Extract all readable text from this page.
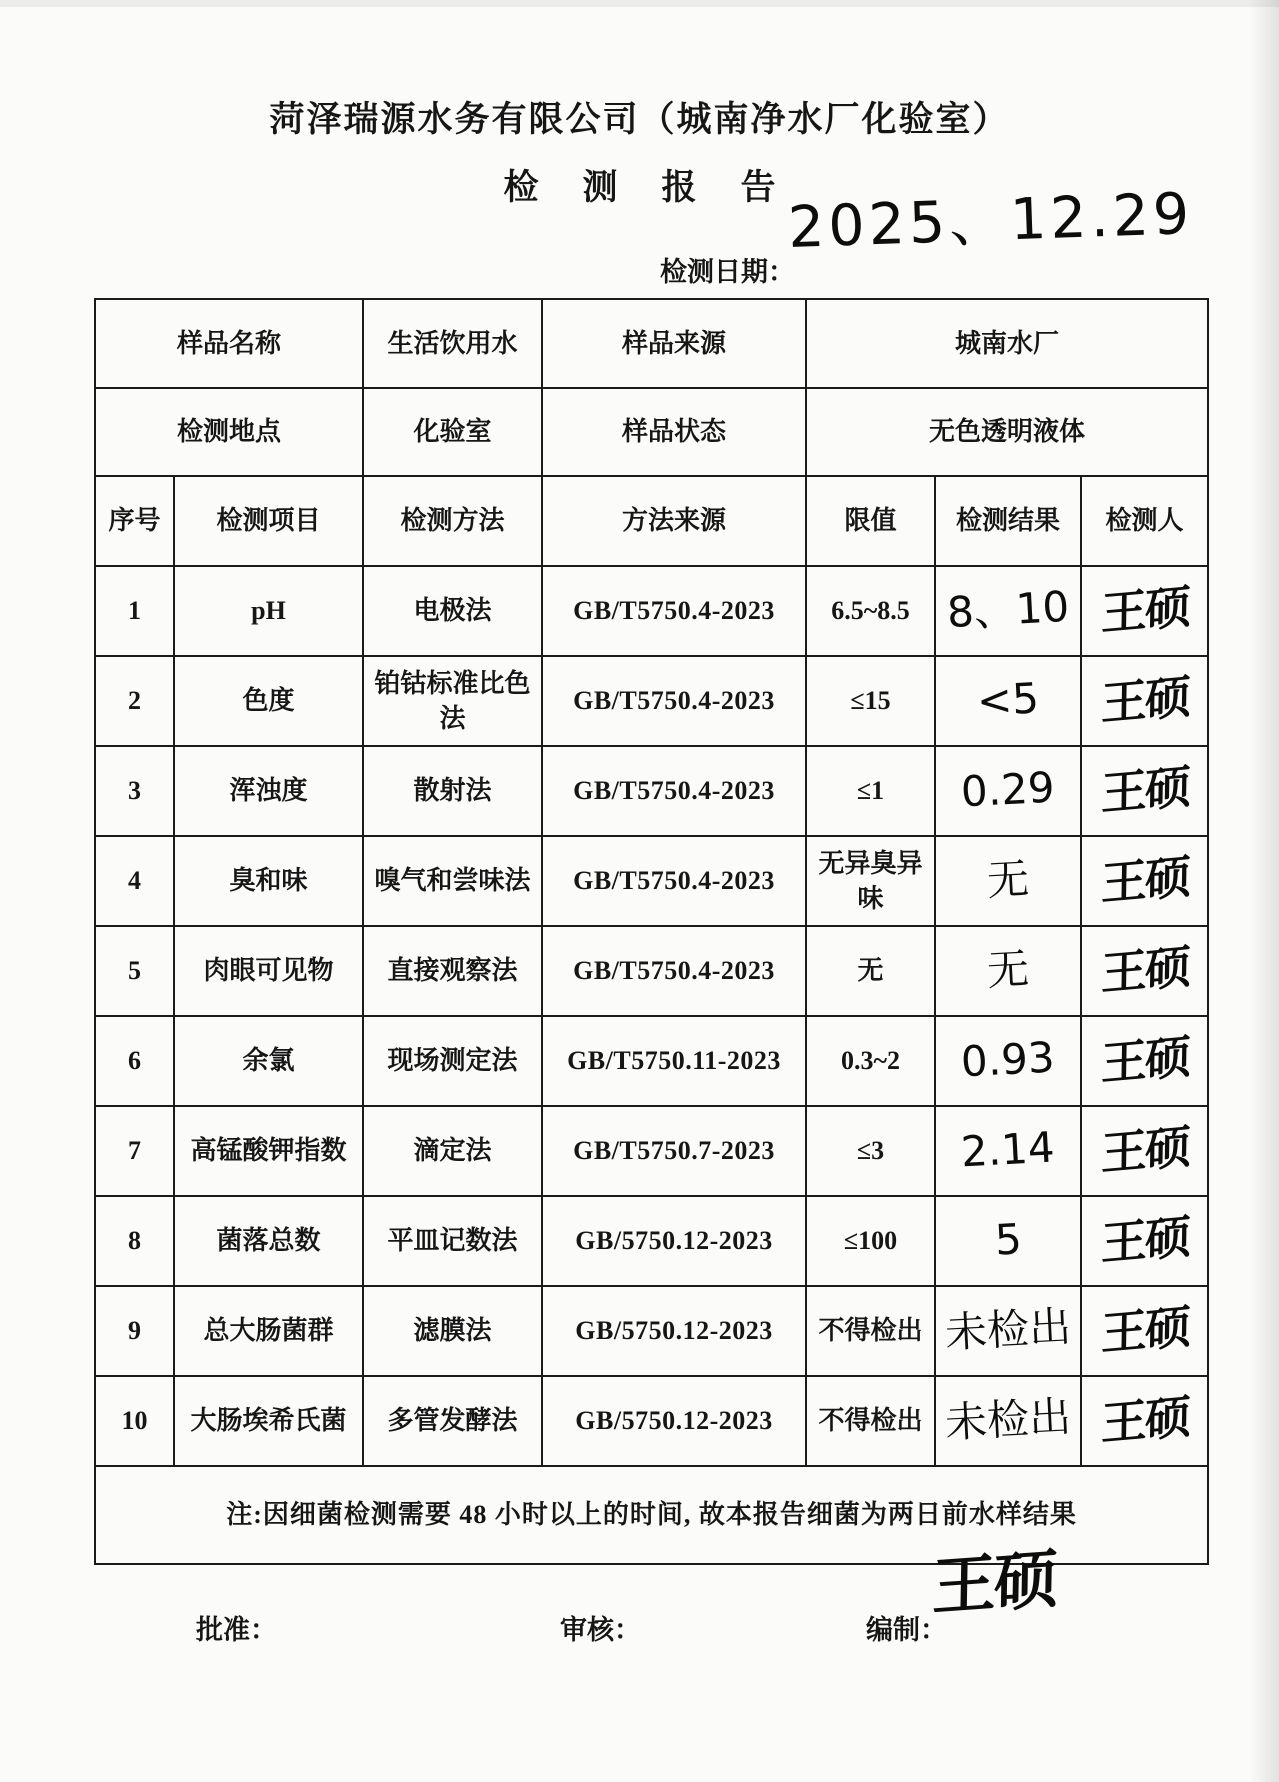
菏泽瑞源水务有限公司（城南净水厂化验室）
检测报告
检测日期：
2025、12.29
样品名称		生活饮用水	样品来源	城南水厂		
检测地点		化验室	样品状态	无色透明液体		
序号	检测项目	检测方法	方法来源	限值	检测结果	检测人
1	pH	电极法	GB/T5750.4-2023	6.5~8.5	8、10	王硕
2	色度	铂钴标准比色法	GB/T5750.4-2023	≤15	<5	王硕
3	浑浊度	散射法	GB/T5750.4-2023	≤1	0.29	王硕
4	臭和味	嗅气和尝味法	GB/T5750.4-2023	无异臭异味	无	王硕
5	肉眼可见物	直接观察法	GB/T5750.4-2023	无	无	王硕
6	余氯	现场测定法	GB/T5750.11-2023	0.3~2	0.93	王硕
7	高锰酸钾指数	滴定法	GB/T5750.7-2023	≤3	2.14	王硕
8	菌落总数	平皿记数法	GB/5750.12-2023	≤100	5	王硕
9	总大肠菌群	滤膜法	GB/5750.12-2023	不得检出	未检出	王硕
10	大肠埃希氏菌	多管发酵法	GB/5750.12-2023	不得检出	未检出	王硕
注:因细菌检测需要 48 小时以上的时间, 故本报告细菌为两日前水样结果						
批准：	审核：	编制：
王硕
